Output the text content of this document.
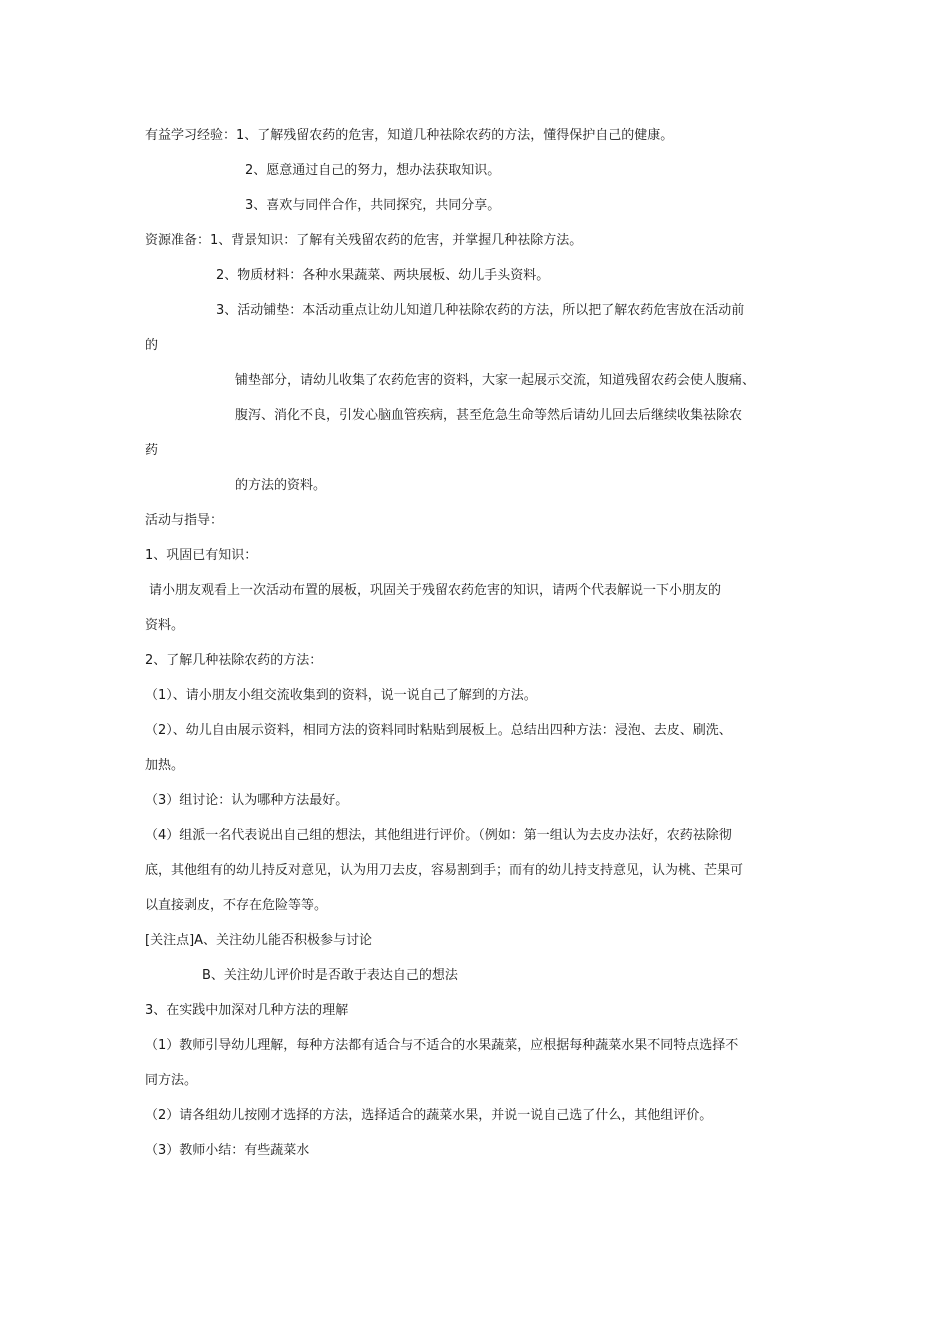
有益学习经验：1、了解残留农药的危害，知道几种祛除农药的方法，懂得保护自己的健康。
2、愿意通过自己的努力，想办法获取知识。
3、喜欢与同伴合作，共同探究，共同分享。
资源准备：1、背景知识：了解有关残留农药的危害，并掌握几种祛除方法。
2、物质材料：各种水果蔬菜、两块展板、幼儿手头资料。
3、活动铺垫：本活动重点让幼儿知道几种祛除农药的方法，所以把了解农药危害放在活动前
的
铺垫部分，请幼儿收集了农药危害的资料，大家一起展示交流，知道残留农药会使人腹痛、
腹泻、消化不良，引发心脑血管疾病，甚至危急生命等然后请幼儿回去后继续收集祛除农
药
的方法的资料。
活动与指导：
1、巩固已有知识：
请小朋友观看上一次活动布置的展板，巩固关于残留农药危害的知识，请两个代表解说一下小朋友的
资料。
2、了解几种祛除农药的方法：
（1）、请小朋友小组交流收集到的资料，说一说自己了解到的方法。
（2）、幼儿自由展示资料，相同方法的资料同时粘贴到展板上。总结出四种方法：浸泡、去皮、刷洗、
加热。
（3）组讨论：认为哪种方法最好。
（4）组派一名代表说出自己组的想法，其他组进行评价。（例如：第一组认为去皮办法好，农药祛除彻
底，其他组有的幼儿持反对意见，认为用刀去皮，容易割到手；而有的幼儿持支持意见，认为桃、芒果可
以直接剥皮，不存在危险等等。
[关注点]A、关注幼儿能否积极参与讨论
B、关注幼儿评价时是否敢于表达自己的想法
3、在实践中加深对几种方法的理解
（1）教师引导幼儿理解，每种方法都有适合与不适合的水果蔬菜，应根据每种蔬菜水果不同特点选择不
同方法。
（2）请各组幼儿按刚才选择的方法，选择适合的蔬菜水果，并说一说自己选了什么，其他组评价。
（3）教师小结：有些蔬菜水
